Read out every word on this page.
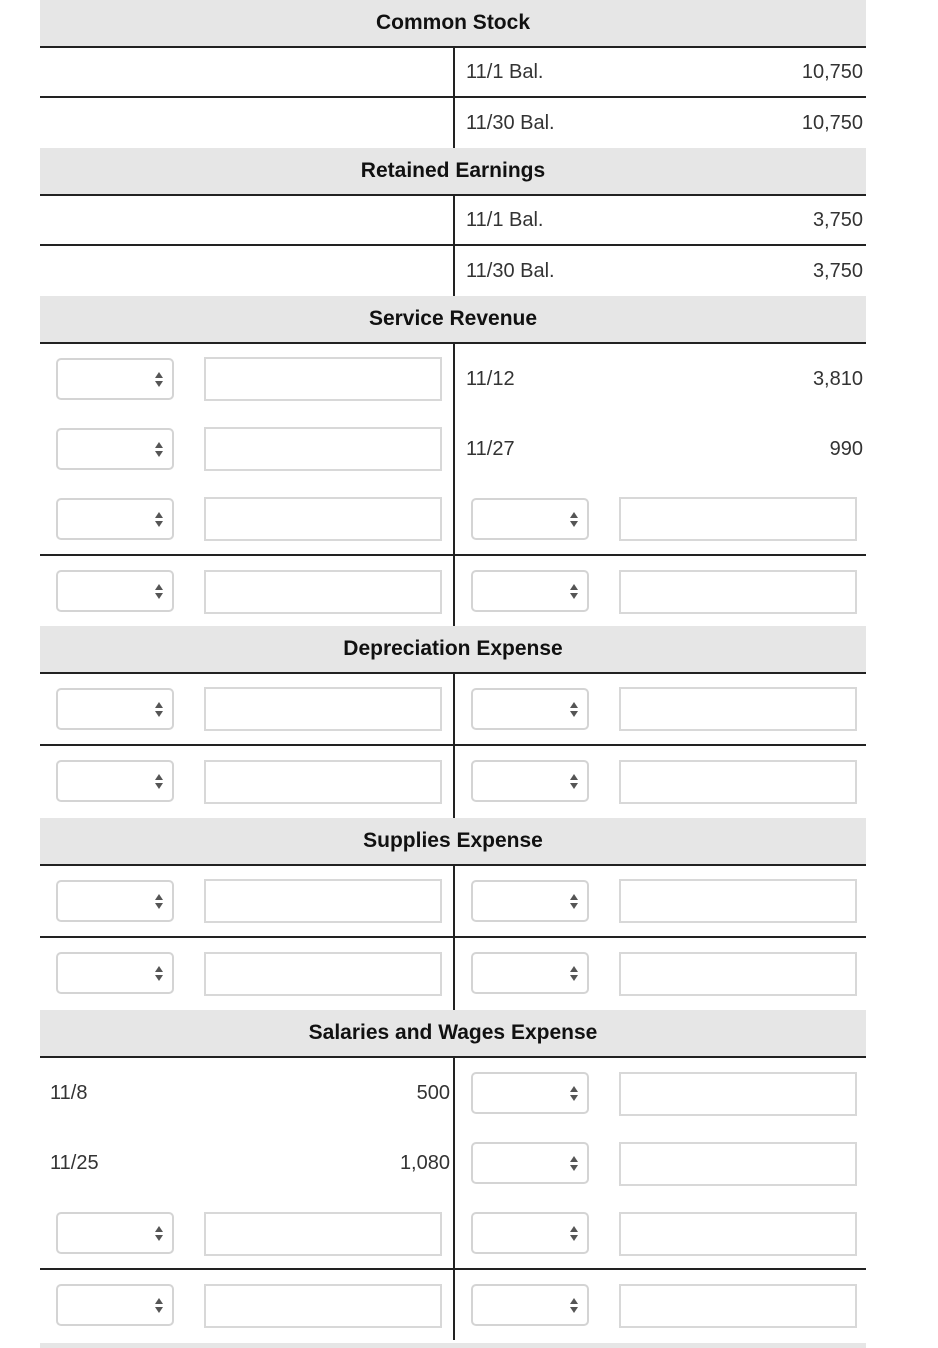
Common Stock
11/1 Bal.	10,750
11/30 Bal.	10,750
Retained Earnings
11/1 Bal.	3,750
11/30 Bal.	3,750
Service Revenue
11/12	3,810
11/27	990
Depreciation Expense
Supplies Expense
Salaries and Wages Expense
11/8	500
11/25	1,080
